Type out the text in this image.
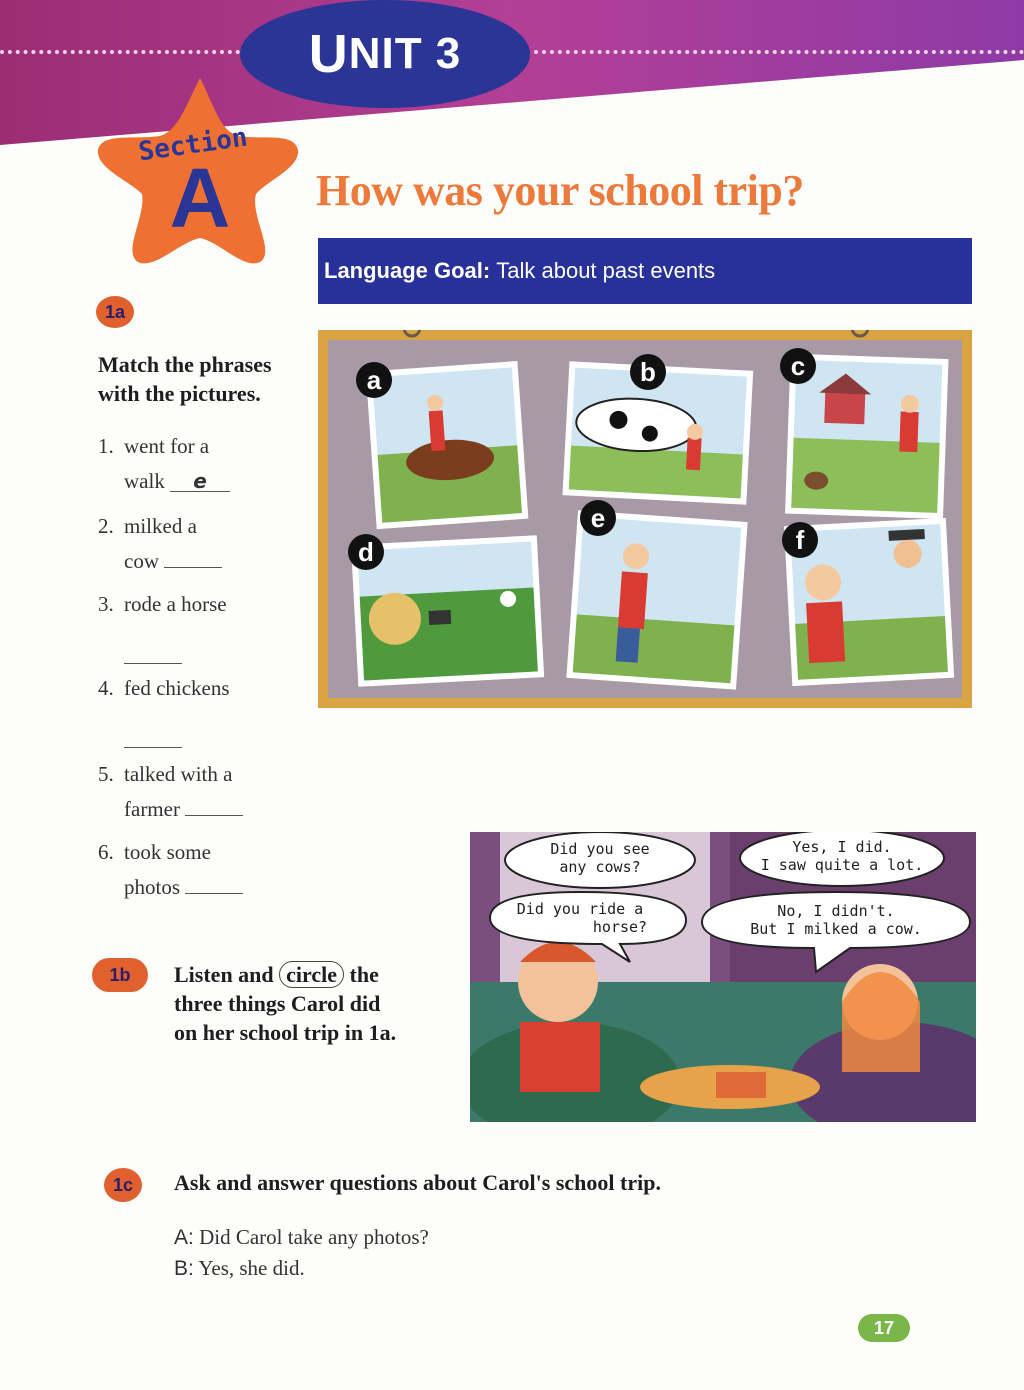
U NIT 3
Section
A How was your school trip?
Language Goal: Talk about past events
1a
Match the phrases
with the pictures.
1. went for a
walk e
2. milked a
cow
3. rode a horse
4. fed chickens
5. talked with a
farmer
6. took some
photos
a	b	c
d
e
f
1b	Listen and circle the
three things Carol did
on her school trip in 1a.
Did you see
any cows?
Yes, I did.
I saw quite a lot.
Did you ride a
horse?
No, I didn't.
But I milked a cow.
1c	Ask and answer questions about Carol's school trip.
A: Did Carol take any photos?
B: Yes, she did.
17
